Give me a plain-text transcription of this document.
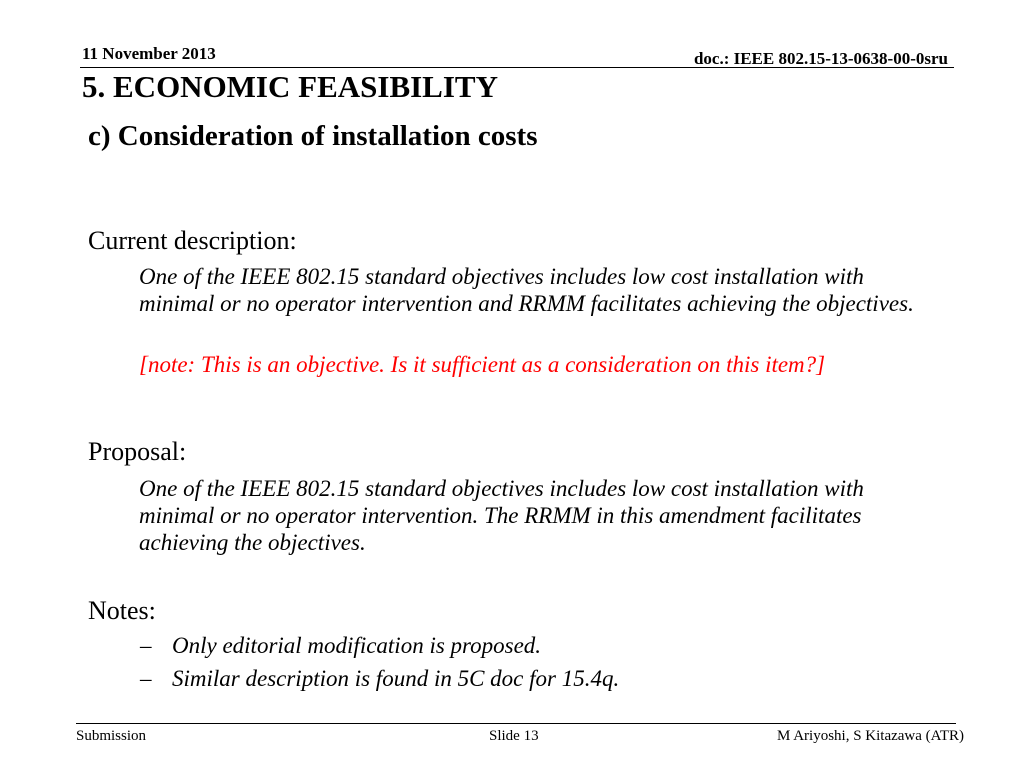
11 November 2013	doc.: IEEE 802.15-13-0638-00-0sru
5. ECONOMIC FEASIBILITY
c) Consideration of installation costs
Current description:
One of the IEEE 802.15 standard objectives includes low cost installation with minimal or no operator intervention and RRMM facilitates achieving the objectives.
[note: This is an objective. Is it sufficient as a consideration on this item?]
Proposal:
One of the IEEE 802.15 standard objectives includes low cost installation with minimal or no operator intervention. The RRMM in this amendment facilitates achieving the objectives.
Notes:
– Only editorial modification is proposed.
– Similar description is found in 5C doc for 15.4q.
Submission	Slide 13	M Ariyoshi, S Kitazawa (ATR)
